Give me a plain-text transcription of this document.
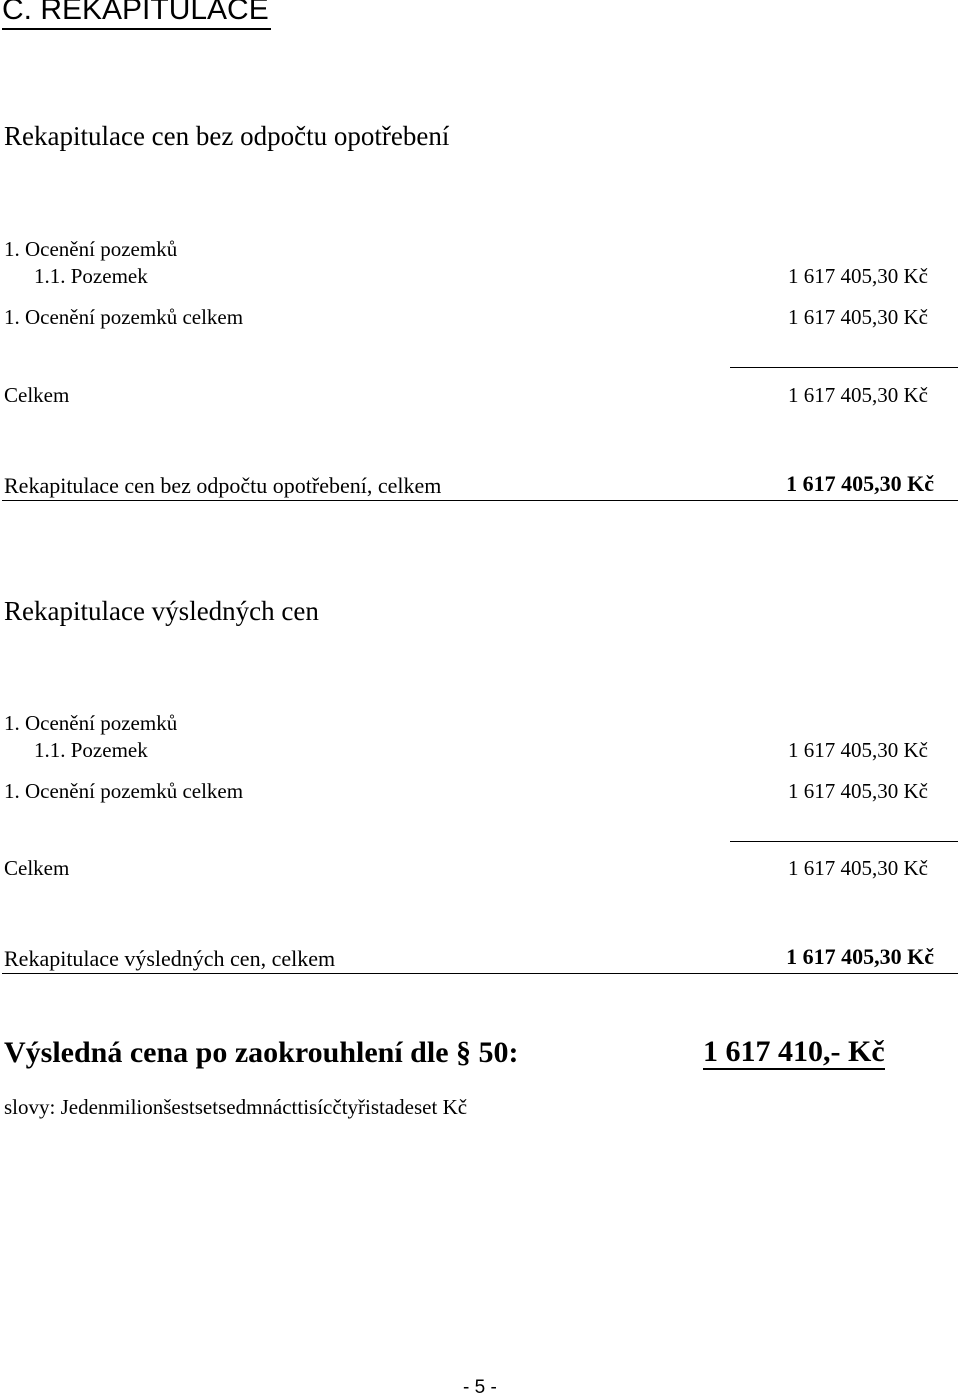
C. REKAPITULACE
Rekapitulace cen bez odpočtu opotřebení
1. Ocenění pozemků
1.1. Pozemek	1 617 405,30 Kč
1. Ocenění pozemků celkem	1 617 405,30 Kč
Celkem	1 617 405,30 Kč
Rekapitulace cen bez odpočtu opotřebení, celkem	1 617 405,30 Kč
Rekapitulace výsledných cen
1. Ocenění pozemků
1.1. Pozemek	1 617 405,30 Kč
1. Ocenění pozemků celkem	1 617 405,30 Kč
Celkem	1 617 405,30 Kč
Rekapitulace výsledných cen, celkem	1 617 405,30 Kč
Výsledná cena po zaokrouhlení dle § 50:	1 617 410,- Kč
slovy: Jedenmilionšestsetsedmnácttisícčtyřistadeset Kč
- 5 -
